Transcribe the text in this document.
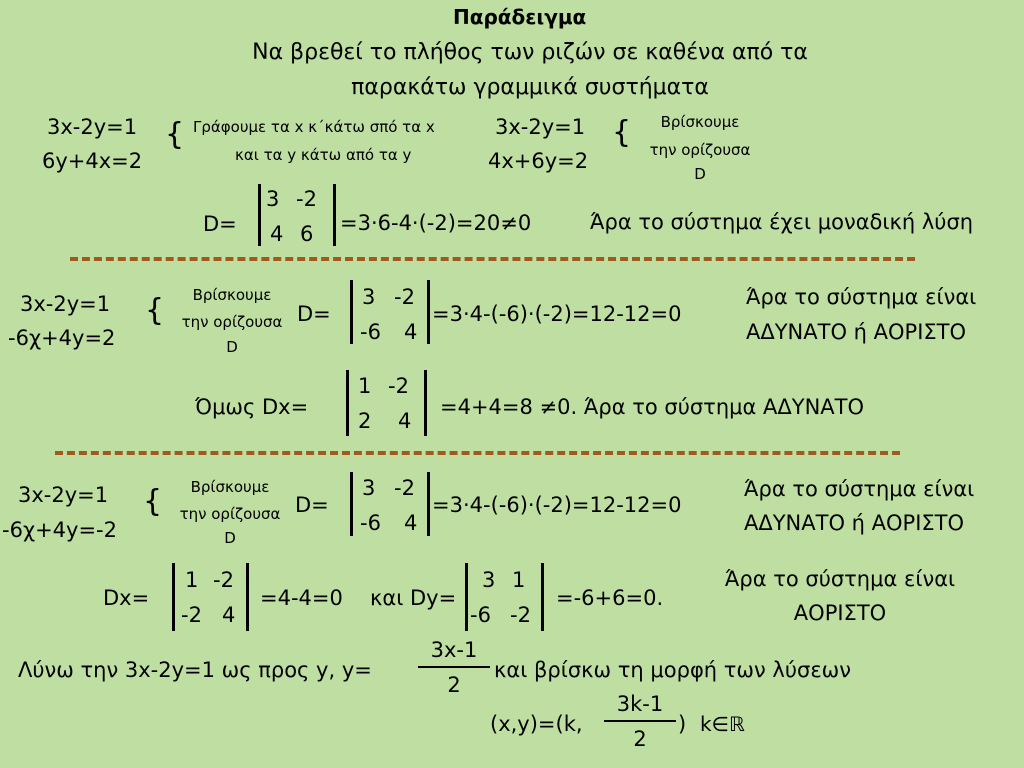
Παράδειγμα
Να βρεθεί το πλήθος των ριζών σε καθένα από τα
παρακάτω γραμμικά συστήματα
3x-2y=1
6y+4x=2
{ Γράφουμε τα x κ΄κάτω σπό τα x
και τα y κάτω από τα y
3x-2y=1
4x+6y=2
{	Βρίσκουμε
την ορίζουσα
D
D=
3 -2
4 6 =3·6-4·(-2)=20≠0	Άρα το σύστημα έχει μοναδική λύση
3x-2y=1
-6χ+4y=2
{	Βρίσκουμε
την ορίζουσα
D
D=
3 -2
-6 4
=3·4-(-6)·(-2)=12-12=0
Άρα το σύστημα είναι
ΑΔΥΝΑΤΟ ή ΑΟΡΙΣΤΟ
Όμως Dx=
1 -2
2 4
=4+4=8 ≠0. Άρα το σύστημα ΑΔΥΝΑΤΟ
3x-2y=1
-6χ+4y=-2
{	Βρίσκουμε
την ορίζουσα
D
D=
3 -2
-6 4
=3·4-(-6)·(-2)=12-12=0
Άρα το σύστημα είναι
ΑΔΥΝΑΤΟ ή ΑΟΡΙΣΤΟ
Dx=
1 -2
-2 4
=4-4=0 και Dy=
3 1
-6 -2
=-6+6=0.
Άρα το σύστημα είναι
ΑΟΡΙΣΤΟ
Λύνω την 3x-2y=1 ως προς y, y=
3x-1
2
και βρίσκω τη μορφή των λύσεων
(x,y)=(k,
3k-1
2
) k∈ℝ
